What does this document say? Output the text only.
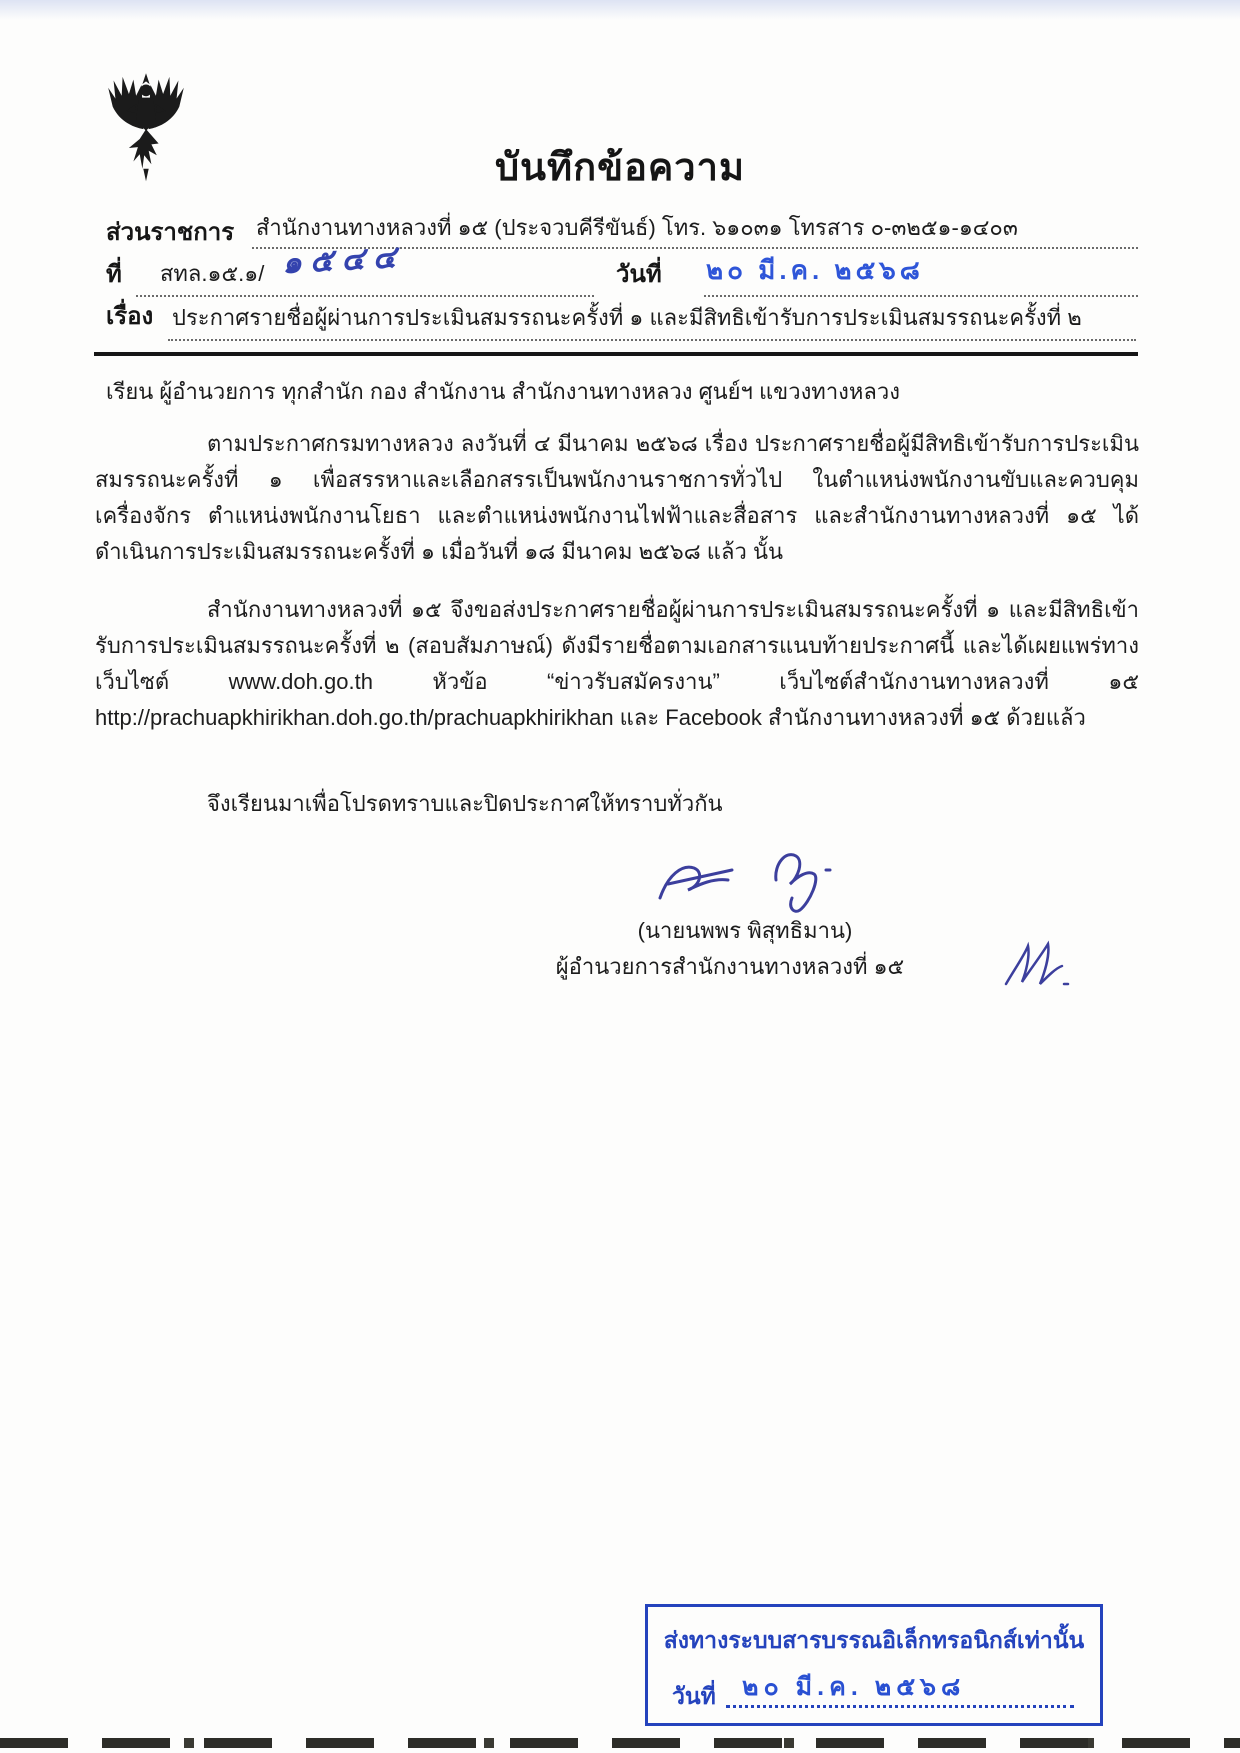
บันทึกข้อความ
ส่วนราชการ สำนักงานทางหลวงที่ ๑๕ (ประจวบคีรีขันธ์) โทร. ๖๑๐๓๑ โทรสาร ๐-๓๒๕๑-๑๔๐๓
ที่ สทล.๑๕.๑/ ๑๕๔๔	วันที่ ๒๐ มี.ค. ๒๕๖๘
เรื่อง ประกาศรายชื่อผู้ผ่านการประเมินสมรรถนะครั้งที่ ๑ และมีสิทธิเข้ารับการประเมินสมรรถนะครั้งที่ ๒
เรียน ผู้อำนวยการ ทุกสำนัก กอง สำนักงาน สำนักงานทางหลวง ศูนย์ฯ แขวงทางหลวง
ตามประกาศกรมทางหลวง ลงวันที่ ๔ มีนาคม ๒๕๖๘ เรื่อง ประกาศรายชื่อผู้มีสิทธิเข้ารับการประเมินสมรรถนะครั้งที่ ๑ เพื่อสรรหาและเลือกสรรเป็นพนักงานราชการทั่วไป ในตำแหน่งพนักงานขับและควบคุมเครื่องจักร ตำแหน่งพนักงานโยธา และตำแหน่งพนักงานไฟฟ้าและสื่อสาร และสำนักงานทางหลวงที่ ๑๕ ได้ดำเนินการประเมินสมรรถนะครั้งที่ ๑ เมื่อวันที่ ๑๘ มีนาคม ๒๕๖๘ แล้ว นั้น
สำนักงานทางหลวงที่ ๑๕ จึงขอส่งประกาศรายชื่อผู้ผ่านการประเมินสมรรถนะครั้งที่ ๑ และมีสิทธิเข้ารับการประเมินสมรรถนะครั้งที่ ๒ (สอบสัมภาษณ์) ดังมีรายชื่อตามเอกสารแนบท้ายประกาศนี้ และได้เผยแพร่ทางเว็บไซต์ www.doh.go.th หัวข้อ “ข่าวรับสมัครงาน” เว็บไซต์สำนักงานทางหลวงที่ ๑๕ http://prachuapkhirikhan.doh.go.th/prachuapkhirikhan และ Facebook สำนักงานทางหลวงที่ ๑๕ ด้วยแล้ว
จึงเรียนมาเพื่อโปรดทราบและปิดประกาศให้ทราบทั่วกัน
(นายนพพร พิสุทธิมาน)
ผู้อำนวยการสำนักงานทางหลวงที่ ๑๕
ส่งทางระบบสารบรรณอิเล็กทรอนิกส์เท่านั้น
วันที่ ๒๐ มี.ค. ๒๕๖๘
